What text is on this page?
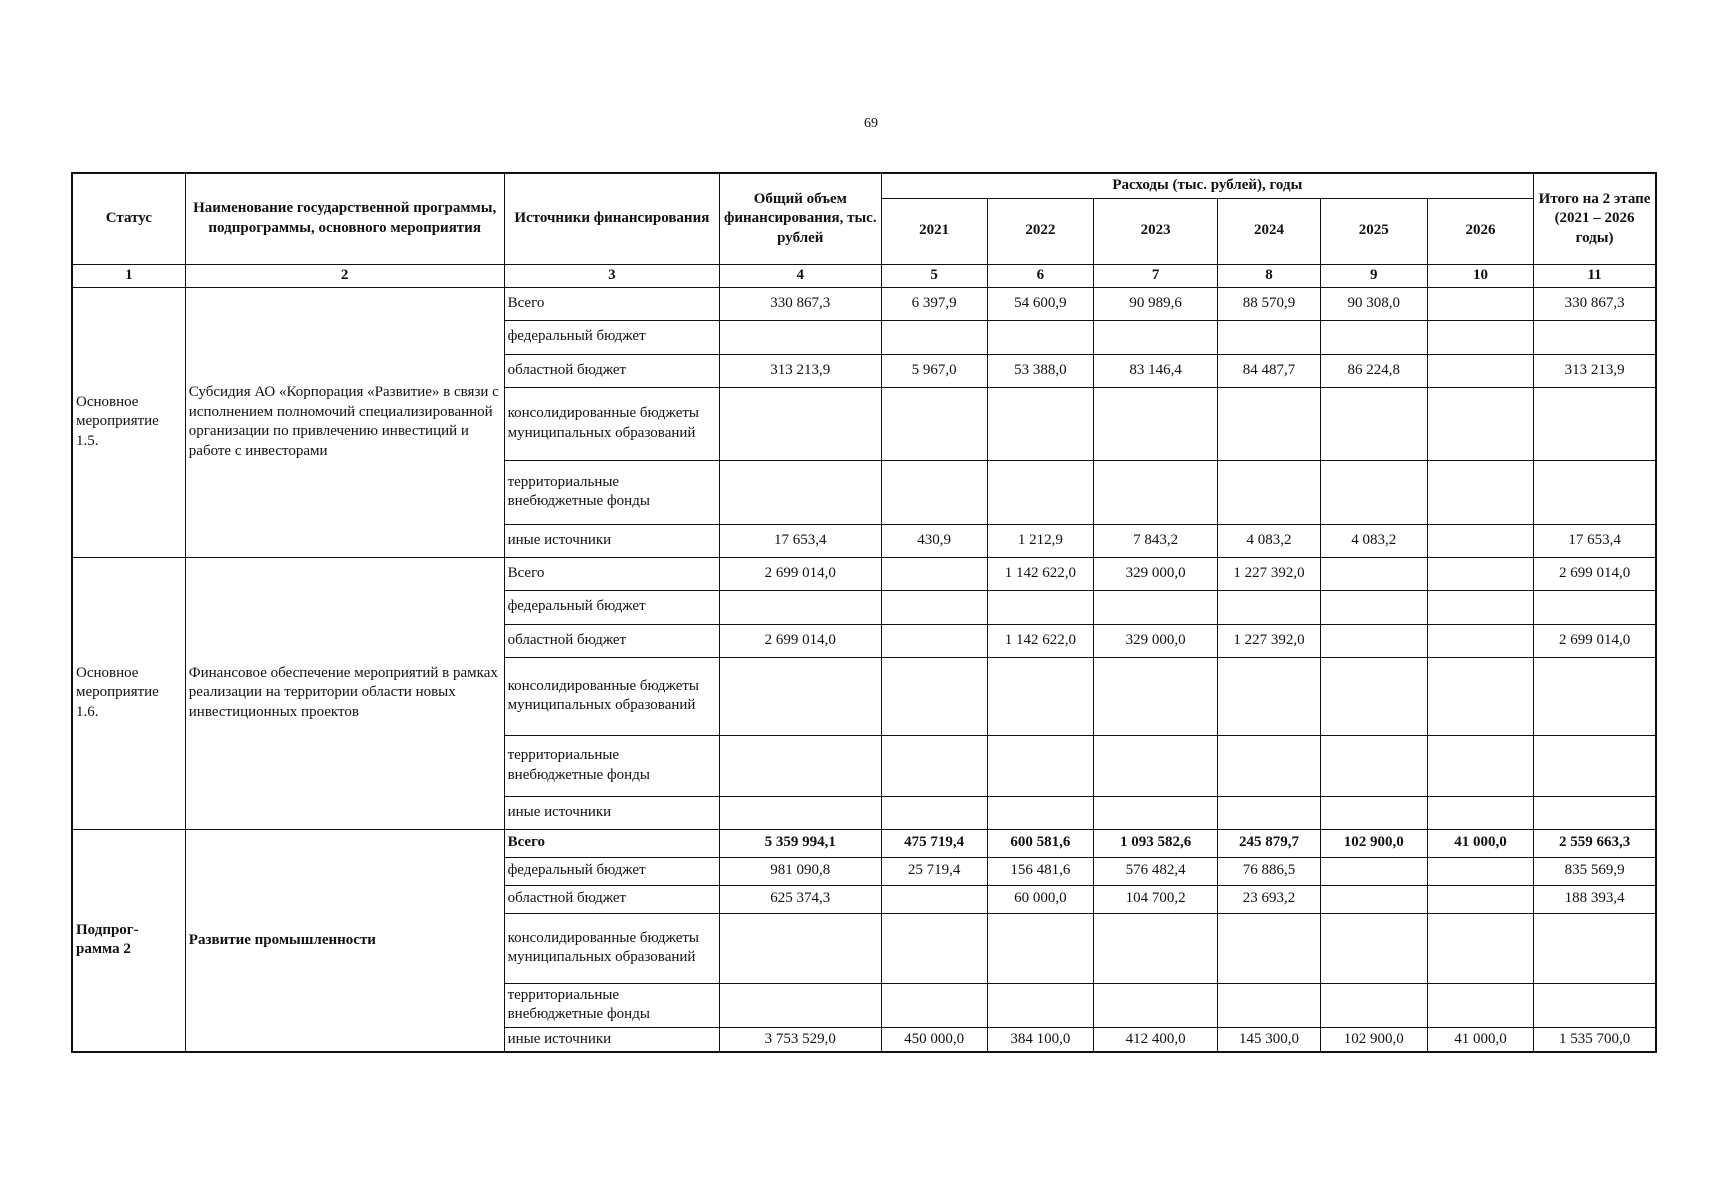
69
Статус	Наименование государственной программы, подпрограммы, основного мероприятия	Источники финансирования	Общий объем финансирования, тыс. рублей	Расходы (тыс. рублей), годы						Итого на 2 этапе (2021 – 2026 годы)
				2021	2022	2023	2024	2025	2026	
1	2	3	4	5	6	7	8	9	10	11
Основное мероприятие 1.5.	Субсидия АО «Корпорация «Развитие» в связи с исполнением полномочий специализированной организации по привлечению инвестиций и работе с инвесторами	Всего	330 867,3	6 397,9	54 600,9	90 989,6	88 570,9	90 308,0		330 867,3
		федеральный бюджет								
		областной бюджет	313 213,9	5 967,0	53 388,0	83 146,4	84 487,7	86 224,8		313 213,9
		консолидированные бюджеты муниципальных образований								
		территориальные внебюджетные фонды								
		иные источники	17 653,4	430,9	1 212,9	7 843,2	4 083,2	4 083,2		17 653,4
Основное мероприятие 1.6.	Финансовое обеспечение мероприятий в рамках реализации на территории области новых инвестиционных проектов	Всего	2 699 014,0		1 142 622,0	329 000,0	1 227 392,0			2 699 014,0
		федеральный бюджет								
		областной бюджет	2 699 014,0		1 142 622,0	329 000,0	1 227 392,0			2 699 014,0
		консолидированные бюджеты муниципальных образований								
		территориальные внебюджетные фонды								
		иные источники								
Подпрог-рамма 2	Развитие промышленности	Всего	5 359 994,1	475 719,4	600 581,6	1 093 582,6	245 879,7	102 900,0	41 000,0	2 559 663,3
		федеральный бюджет	981 090,8	25 719,4	156 481,6	576 482,4	76 886,5			835 569,9
		областной бюджет	625 374,3		60 000,0	104 700,2	23 693,2			188 393,4
		консолидированные бюджеты муниципальных образований								
		территориальные внебюджетные фонды								
		иные источники	3 753 529,0	450 000,0	384 100,0	412 400,0	145 300,0	102 900,0	41 000,0	1 535 700,0
